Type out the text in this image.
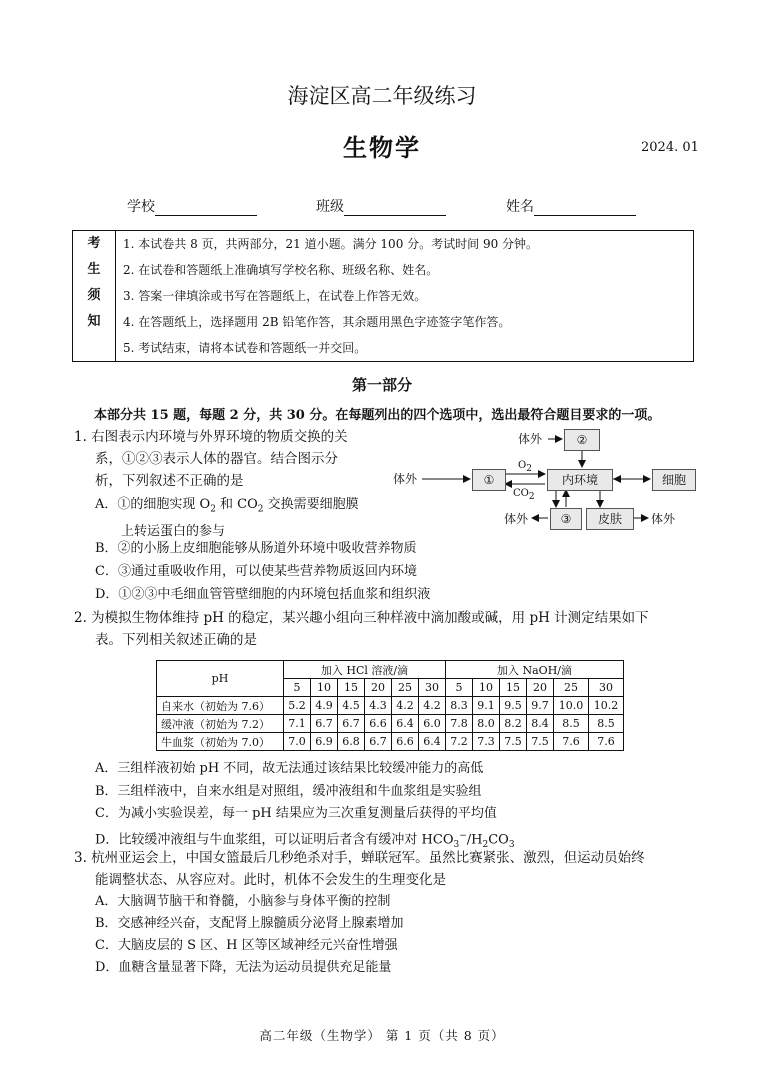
海淀区高二年级练习
生物学	2024. 01
学校	班级	姓名
考
生
须
知
1. 本试卷共 8 页，共两部分，21 道小题。满分 100 分。考试时间 90 分钟。
2. 在试卷和答题纸上准确填写学校名称、班级名称、姓名。
3. 答案一律填涂或书写在答题纸上，在试卷上作答无效。
4. 在答题纸上，选择题用 2B 铅笔作答，其余题用黑色字迹签字笔作答。
5. 考试结束，请将本试卷和答题纸一并交回。
第一部分
本部分共 15 题，每题 2 分，共 30 分。在每题列出的四个选项中，选出最符合题目要求的一项。
1. 右图表示内环境与外界环境的物质交换的关
系，①②③表示人体的器官。结合图示分
析，下列叙述不正确的是
A．①的细胞实现 $O_2$ 和 $CO_2$ 交换需要细胞膜
上转运蛋白的参与
B．②的小肠上皮细胞能够从肠道外环境中吸收营养物质
C．③通过重吸收作用，可以使某些营养物质返回内环境
D．①②③中毛细血管管壁细胞的内环境包括血浆和组织液
体外	②
体外	①
$O_2$
$CO_2$
内环境	细胞
体外	③	皮肤	体外
2. 为模拟生物体维持 pH 的稳定，某兴趣小组向三种样液中滴加酸或碱，用 pH 计测定结果如下
表。下列相关叙述正确的是
pH	加入 HCl 溶液/滴						加入 NaOH/滴					
	5	10	15	20	25	30	5	10	15	20	25	30
自来水（初始为 7.6）	5.2	4.9	4.5	4.3	4.2	4.2	8.3	9.1	9.5	9.7	10.0	10.2
缓冲液（初始为 7.2）	7.1	6.7	6.7	6.6	6.4	6.0	7.8	8.0	8.2	8.4	8.5	8.5
牛血浆（初始为 7.0）	7.0	6.9	6.8	6.7	6.6	6.4	7.2	7.3	7.5	7.5	7.6	7.6
A．三组样液初始 pH 不同，故无法通过该结果比较缓冲能力的高低
B．三组样液中，自来水组是对照组，缓冲液组和牛血浆组是实验组
C．为减小实验误差，每一 pH 结果应为三次重复测量后获得的平均值
D．比较缓冲液组与牛血浆组，可以证明后者含有缓冲对 $HCO_3^-/H_2CO_3$
3. 杭州亚运会上，中国女篮最后几秒绝杀对手，蝉联冠军。虽然比赛紧张、激烈，但运动员始终
能调整状态、从容应对。此时，机体不会发生的生理变化是
A．大脑调节脑干和脊髓，小脑参与身体平衡的控制
B．交感神经兴奋，支配肾上腺髓质分泌肾上腺素增加
C．大脑皮层的 S 区、H 区等区域神经元兴奋性增强
D．血糖含量显著下降，无法为运动员提供充足能量
高二年级（生物学） 第 1 页（共 8 页）
